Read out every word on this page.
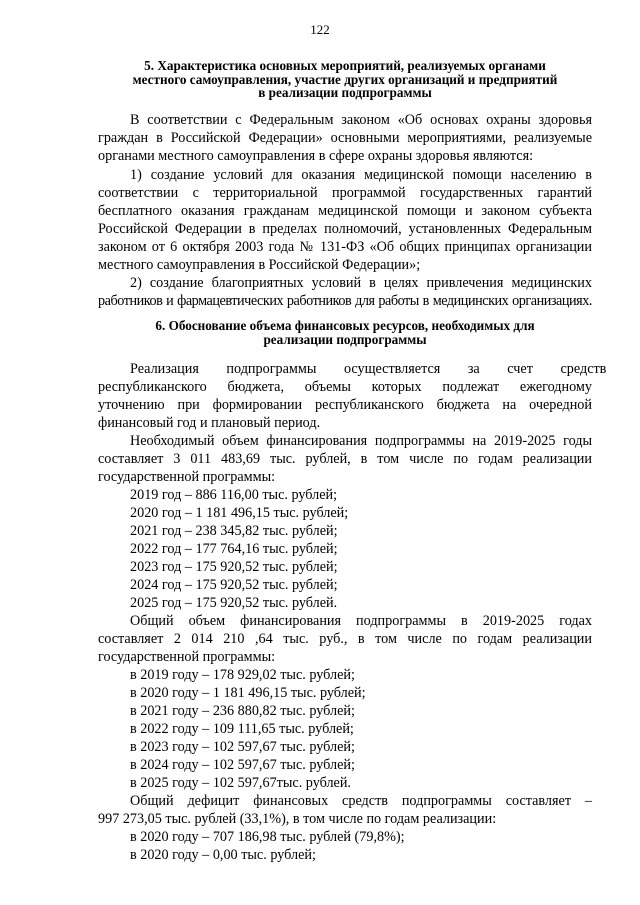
122
5. Характеристика основных мероприятий, реализуемых органами
местного самоуправления, участие других организаций и предприятий
в реализации подпрограммы
В соответствии с Федеральным законом «Об основах охраны здоровья
граждан в Российской Федерации» основными мероприятиями, реализуемые
органами местного самоуправления в сфере охраны здоровья являются:
1) создание условий для оказания медицинской помощи населению в
соответствии с территориальной программой государственных гарантий
бесплатного оказания гражданам медицинской помощи и законом субъекта
Российской Федерации в пределах полномочий, установленных Федеральным
законом от 6 октября 2003 года № 131-ФЗ «Об общих принципах организации
местного самоуправления в Российской Федерации»;
2) создание благоприятных условий в целях привлечения медицинских
работников и фармацевтических работников для работы в медицинских организациях.
6. Обоснование объема финансовых ресурсов, необходимых для
реализации подпрограммы
Реализация подпрограммы осуществляется за счет средств
республиканского бюджета, объемы которых подлежат ежегодному
уточнению при формировании республиканского бюджета на очередной
финансовый год и плановый период.
Необходимый объем финансирования подпрограммы на 2019-2025 годы
составляет 3 011 483,69 тыс. рублей, в том числе по годам реализации
государственной программы:
2019 год – 886 116,00 тыс. рублей;
2020 год – 1 181 496,15 тыс. рублей;
2021 год – 238 345,82 тыс. рублей;
2022 год – 177 764,16 тыс. рублей;
2023 год – 175 920,52 тыс. рублей;
2024 год – 175 920,52 тыс. рублей;
2025 год – 175 920,52 тыс. рублей.
Общий объем финансирования подпрограммы в 2019-2025 годах
составляет 2 014 210 ,64 тыс. руб., в том числе по годам реализации
государственной программы:
в 2019 году – 178 929,02 тыс. рублей;
в 2020 году – 1 181 496,15 тыс. рублей;
в 2021 году – 236 880,82 тыс. рублей;
в 2022 году – 109 111,65 тыс. рублей;
в 2023 году – 102 597,67 тыс. рублей;
в 2024 году – 102 597,67 тыс. рублей;
в 2025 году – 102 597,67тыс. рублей.
Общий дефицит финансовых средств подпрограммы составляет –
997 273,05 тыс. рублей (33,1%), в том числе по годам реализации:
в 2020 году – 707 186,98 тыс. рублей (79,8%);
в 2020 году – 0,00 тыс. рублей;
